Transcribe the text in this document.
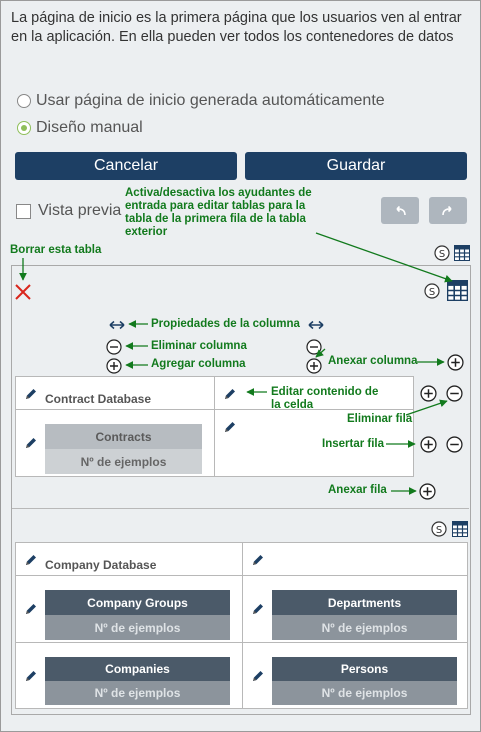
La página de inicio es la primera página que los usuarios ven al entrar en la aplicación. En ella pueden ver todos los contenedores de datos
Usar página de inicio generada automáticamente
Diseño manual
Cancelar	Guardar
Vista previa
Activa/desactiva los ayudantes de entrada para editar tablas para la tabla de la primera fila de la tabla exterior
Borrar esta tabla
Propiedades de la columna
Eliminar columna
Agregar columna	Anexar columna
Contract Database
Contracts
Nº de ejemplos
Editar contenido de la celda
Eliminar fila
Insertar fila
Anexar fila
Company Database
Company Groups
Nº de ejemplos
Departments
Nº de ejemplos
Companies
Nº de ejemplos
Persons
Nº de ejemplos
